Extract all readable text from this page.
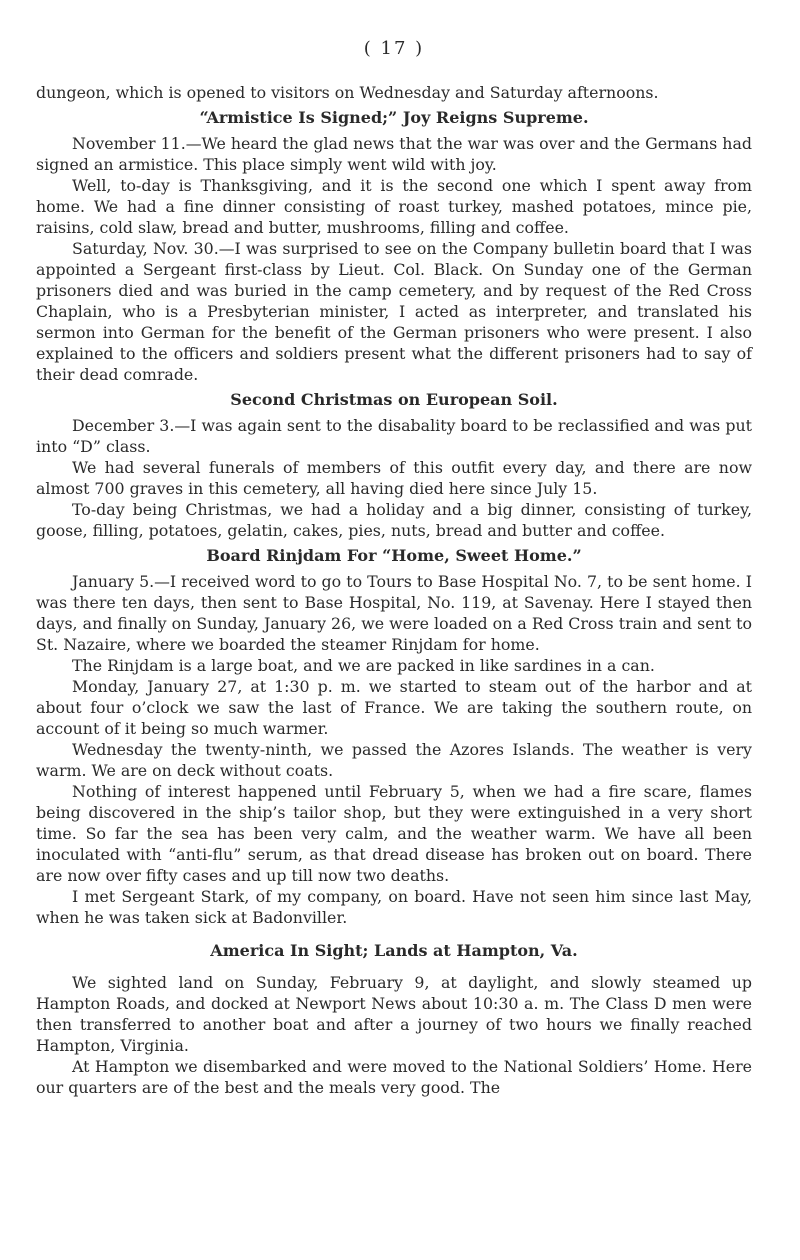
( 17 )

dungeon, which is opened to visitors on Wednesday and Saturday afternoons.

“Armistice Is Signed;” Joy Reigns Supreme.

November 11.—We heard the glad news that the war was over and the Germans had signed an armistice. This place simply went wild with joy.

Well, to-day is Thanksgiving, and it is the second one which I spent away from home. We had a fine dinner consisting of roast turkey, mashed potatoes, mince pie, raisins, cold slaw, bread and butter, mushrooms, filling and coffee.

Saturday, Nov. 30.—I was surprised to see on the Company bulletin board that I was appointed a Sergeant first-class by Lieut. Col. Black. On Sunday one of the German prisoners died and was buried in the camp cemetery, and by request of the Red Cross Chaplain, who is a Presbyterian minister, I acted as interpreter, and translated his sermon into German for the benefit of the German prisoners who were present. I also explained to the officers and soldiers present what the different prisoners had to say of their dead comrade.

Second Christmas on European Soil.

December 3.—I was again sent to the disabality board to be reclassified and was put into “D” class.

We had several funerals of members of this outfit every day, and there are now almost 700 graves in this cemetery, all having died here since July 15.

To-day being Christmas, we had a holiday and a big dinner, consisting of turkey, goose, filling, potatoes, gelatin, cakes, pies, nuts, bread and butter and coffee.

Board Rinjdam For “Home, Sweet Home.”

January 5.—I received word to go to Tours to Base Hospital No. 7, to be sent home. I was there ten days, then sent to Base Hospital, No. 119, at Savenay. Here I stayed then days, and finally on Sunday, January 26, we were loaded on a Red Cross train and sent to St. Nazaire, where we boarded the steamer Rinjdam for home.

The Rinjdam is a large boat, and we are packed in like sardines in a can.

Monday, January 27, at 1:30 p. m. we started to steam out of the harbor and at about four o’clock we saw the last of France. We are taking the southern route, on account of it being so much warmer.

Wednesday the twenty-ninth, we passed the Azores Islands. The weather is very warm. We are on deck without coats.

Nothing of interest happened until February 5, when we had a fire scare, flames being discovered in the ship’s tailor shop, but they were extinguished in a very short time. So far the sea has been very calm, and the weather warm. We have all been inoculated with “anti-flu” serum, as that dread disease has broken out on board. There are now over fifty cases and up till now two deaths.

I met Sergeant Stark, of my company, on board. Have not seen him since last May, when he was taken sick at Badonviller.

America In Sight; Lands at Hampton, Va.

We sighted land on Sunday, February 9, at daylight, and slowly steamed up Hampton Roads, and docked at Newport News about 10:30 a. m. The Class D men were then transferred to another boat and after a journey of two hours we finally reached Hampton, Virginia.

At Hampton we disembarked and were moved to the National Soldiers’ Home. Here our quarters are of the best and the meals very good. The
